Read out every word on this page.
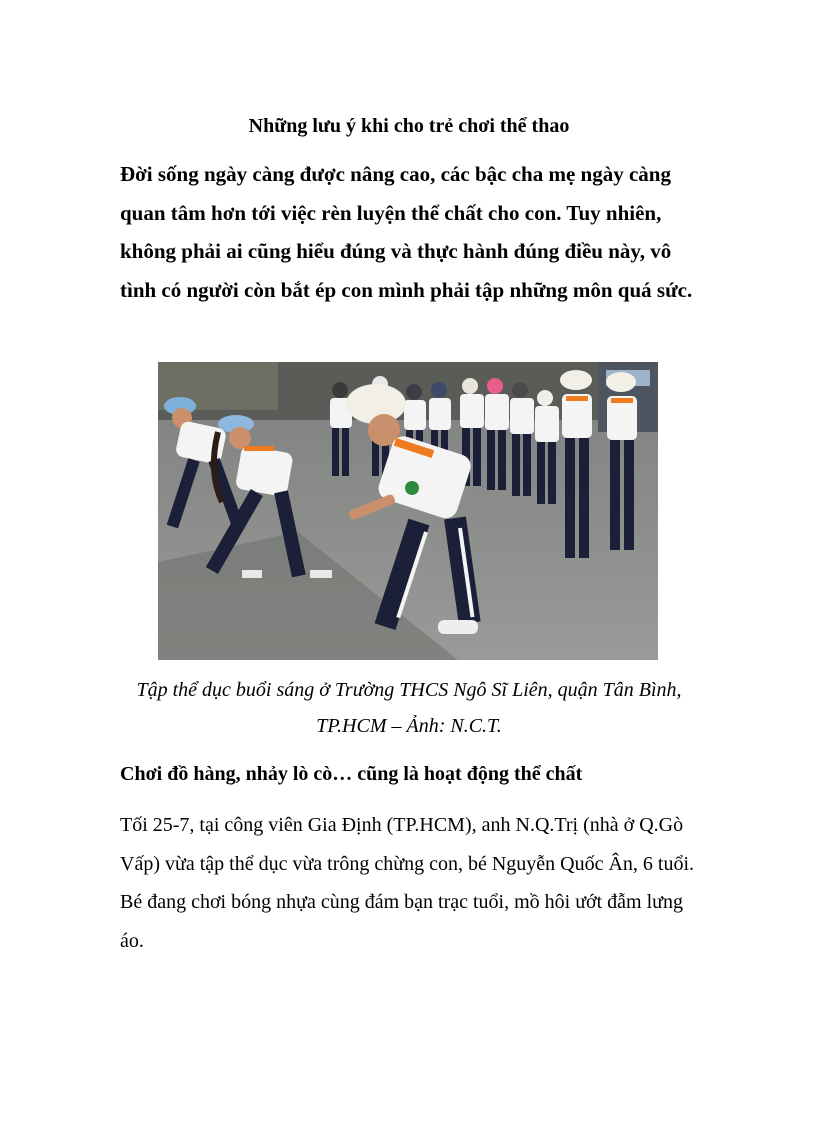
Những lưu ý khi cho trẻ chơi thể thao

Đời sống ngày càng được nâng cao, các bậc cha mẹ ngày càng quan tâm hơn tới việc rèn luyện thể chất cho con. Tuy nhiên, không phải ai cũng hiểu đúng và thực hành đúng điều này, vô tình có người còn bắt ép con mình phải tập những môn quá sức.

Tập thể dục buổi sáng ở Trường THCS Ngô Sĩ Liên, quận Tân Bình, TP.HCM – Ảnh: N.C.T.

Chơi đồ hàng, nhảy lò cò… cũng là hoạt động thể chất

Tối 25-7, tại công viên Gia Định (TP.HCM), anh N.Q.Trị (nhà ở Q.Gò Vấp) vừa tập thể dục vừa trông chừng con, bé Nguyễn Quốc Ân, 6 tuổi. Bé đang chơi bóng nhựa cùng đám bạn trạc tuổi, mồ hôi ướt đẫm lưng áo.
